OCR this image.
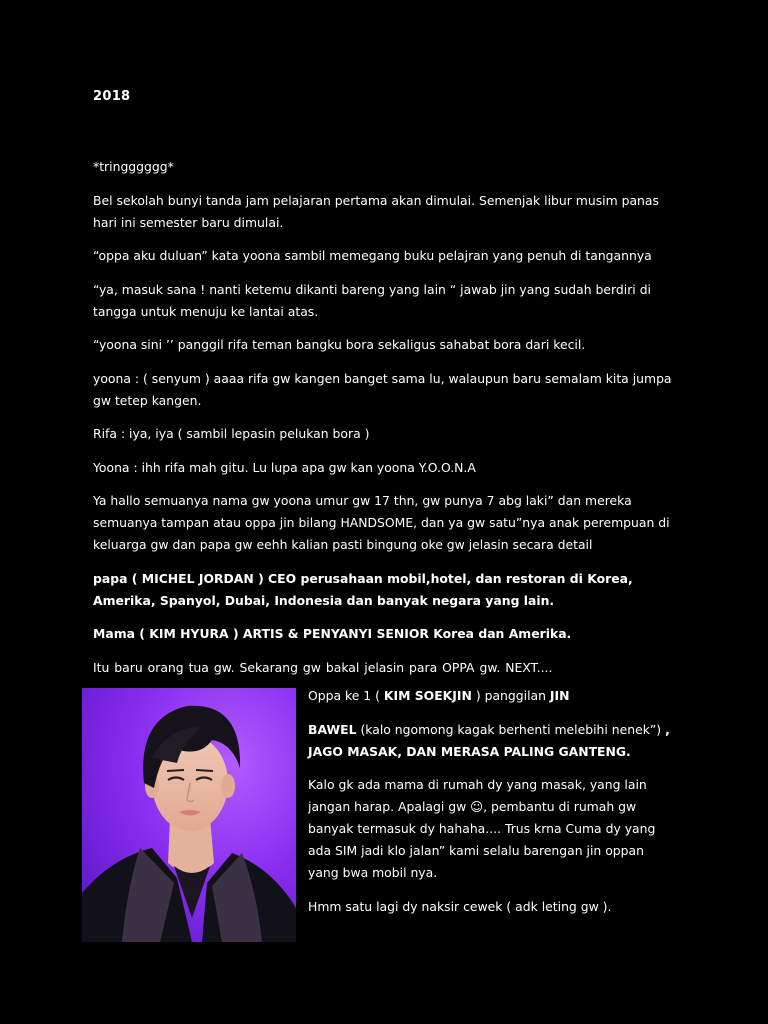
2018

*tringggggg*

Bel sekolah bunyi tanda jam pelajaran pertama akan dimulai. Semenjak libur musim panas hari ini semester baru dimulai.

“oppa aku duluan” kata yoona sambil memegang buku pelajran yang penuh di tangannya

“ya, masuk sana ! nanti ketemu dikanti bareng yang lain “ jawab jin yang sudah berdiri di tangga untuk menuju ke lantai atas.

“yoona sini ’’ panggil rifa teman bangku bora sekaligus sahabat bora dari kecil.

yoona : ( senyum ) aaaa rifa gw kangen banget sama lu, walaupun baru semalam kita jumpa gw tetep kangen.

Rifa : iya, iya ( sambil lepasin pelukan bora )

Yoona : ihh rifa mah gitu. Lu lupa apa gw kan yoona Y.O.O.N.A

Ya hallo semuanya nama gw yoona umur gw 17 thn, gw punya 7 abg laki” dan mereka semuanya tampan atau oppa jin bilang HANDSOME, dan ya gw satu”nya anak perempuan di keluarga gw dan papa gw eehh kalian pasti bingung oke gw jelasin secara detail

papa ( MICHEL JORDAN ) CEO perusahaan mobil,hotel, dan restoran di Korea, Amerika, Spanyol, Dubai, Indonesia dan banyak negara yang lain.

Mama ( KIM HYURA ) ARTIS & PENYANYI SENIOR Korea dan Amerika.

Itu baru orang tua gw. Sekarang gw bakal jelasin para OPPA gw. NEXT....

Oppa ke 1 ( KIM SOEKJIN ) panggilan JIN

BAWEL (kalo ngomong kagak berhenti melebihi nenek”) , JAGO MASAK, DAN MERASA PALING GANTENG.

Kalo gk ada mama di rumah dy yang masak, yang lain jangan harap. Apalagi gw ☺, pembantu di rumah gw banyak termasuk dy hahaha.... Trus krna Cuma dy yang ada SIM jadi klo jalan” kami selalu barengan jin oppan yang bwa mobil nya.

Hmm satu lagi dy naksir cewek ( adk leting gw ).
